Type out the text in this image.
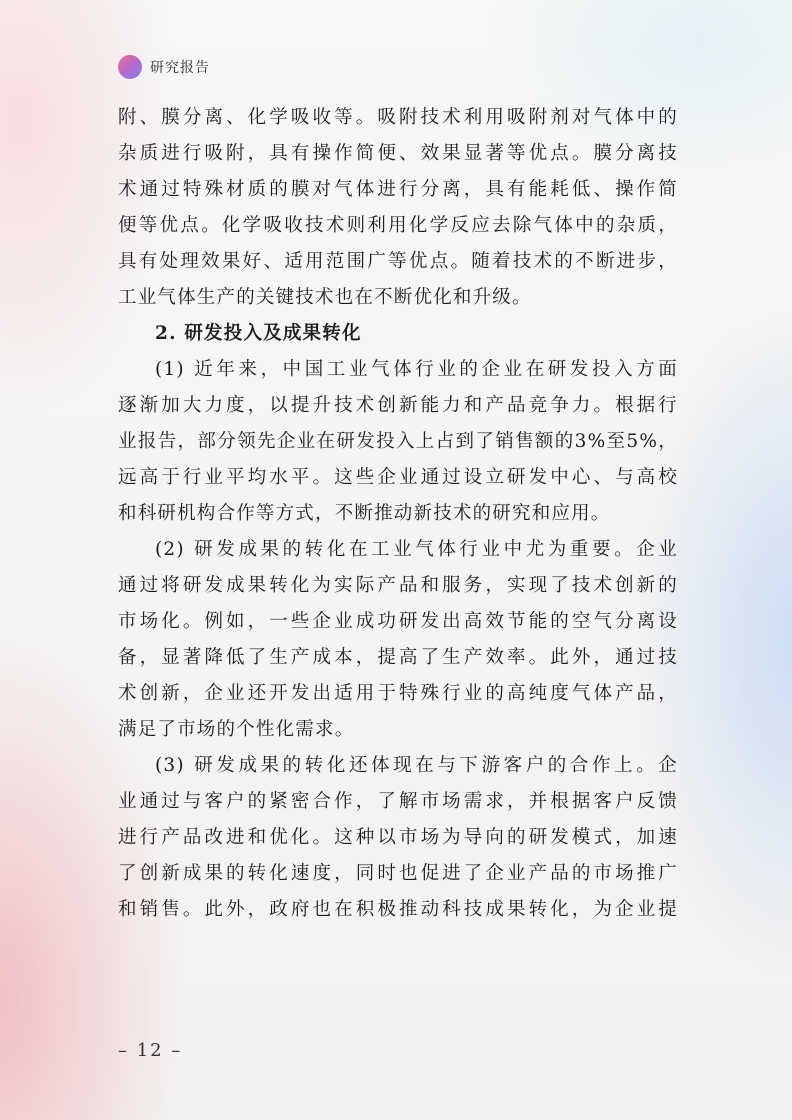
研究报告

附、膜分离、化学吸收等。吸附技术利用吸附剂对气体中的
杂质进行吸附，具有操作简便、效果显著等优点。膜分离技
术通过特殊材质的膜对气体进行分离，具有能耗低、操作简
便等优点。化学吸收技术则利用化学反应去除气体中的杂质，
具有处理效果好、适用范围广等优点。随着技术的不断进步，
工业气体生产的关键技术也在不断优化和升级。

2. 研发投入及成果转化

(1) 近年来，中国工业气体行业的企业在研发投入方面
逐渐加大力度，以提升技术创新能力和产品竞争力。根据行
业报告，部分领先企业在研发投入上占到了销售额的3%至5%，
远高于行业平均水平。这些企业通过设立研发中心、与高校
和科研机构合作等方式，不断推动新技术的研究和应用。

(2) 研发成果的转化在工业气体行业中尤为重要。企业
通过将研发成果转化为实际产品和服务，实现了技术创新的
市场化。例如，一些企业成功研发出高效节能的空气分离设
备，显著降低了生产成本，提高了生产效率。此外，通过技
术创新，企业还开发出适用于特殊行业的高纯度气体产品，
满足了市场的个性化需求。

(3) 研发成果的转化还体现在与下游客户的合作上。企
业通过与客户的紧密合作，了解市场需求，并根据客户反馈
进行产品改进和优化。这种以市场为导向的研发模式，加速
了创新成果的转化速度，同时也促进了企业产品的市场推广
和销售。此外，政府也在积极推动科技成果转化，为企业提

– 12 –
